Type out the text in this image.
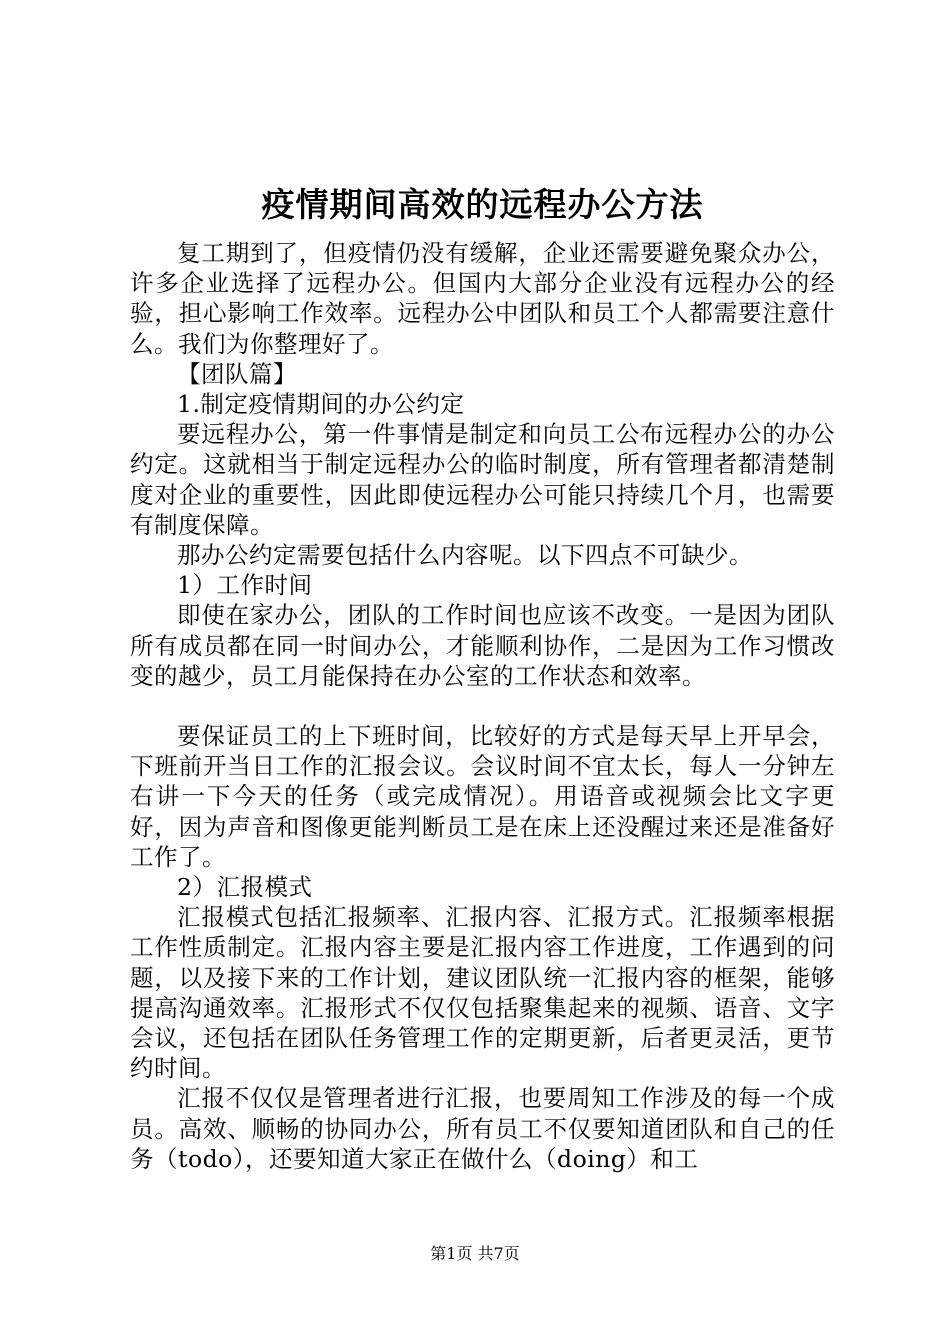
疫情期间高效的远程办公方法

复工期到了，但疫情仍没有缓解，企业还需要避免聚众办公，许多企业选择了远程办公。但国内大部分企业没有远程办公的经验，担心影响工作效率。远程办公中团队和员工个人都需要注意什么。我们为你整理好了。

【团队篇】

1.制定疫情期间的办公约定

要远程办公，第一件事情是制定和向员工公布远程办公的办公约定。这就相当于制定远程办公的临时制度，所有管理者都清楚制度对企业的重要性，因此即使远程办公可能只持续几个月，也需要有制度保障。

那办公约定需要包括什么内容呢。以下四点不可缺少。

1）工作时间

即使在家办公，团队的工作时间也应该不改变。一是因为团队所有成员都在同一时间办公，才能顺利协作，二是因为工作习惯改变的越少，员工月能保持在办公室的工作状态和效率。

要保证员工的上下班时间，比较好的方式是每天早上开早会，下班前开当日工作的汇报会议。会议时间不宜太长，每人一分钟左右讲一下今天的任务（或完成情况）。用语音或视频会比文字更好，因为声音和图像更能判断员工是在床上还没醒过来还是准备好工作了。

2）汇报模式

汇报模式包括汇报频率、汇报内容、汇报方式。汇报频率根据工作性质制定。汇报内容主要是汇报内容工作进度，工作遇到的问题，以及接下来的工作计划，建议团队统一汇报内容的框架，能够提高沟通效率。汇报形式不仅仅包括聚集起来的视频、语音、文字会议，还包括在团队任务管理工作的定期更新，后者更灵活，更节约时间。

汇报不仅仅是管理者进行汇报，也要周知工作涉及的每一个成员。高效、顺畅的协同办公，所有员工不仅要知道团队和自己的任务（todo），还要知道大家正在做什么（doing）和工

第1页 共7页
